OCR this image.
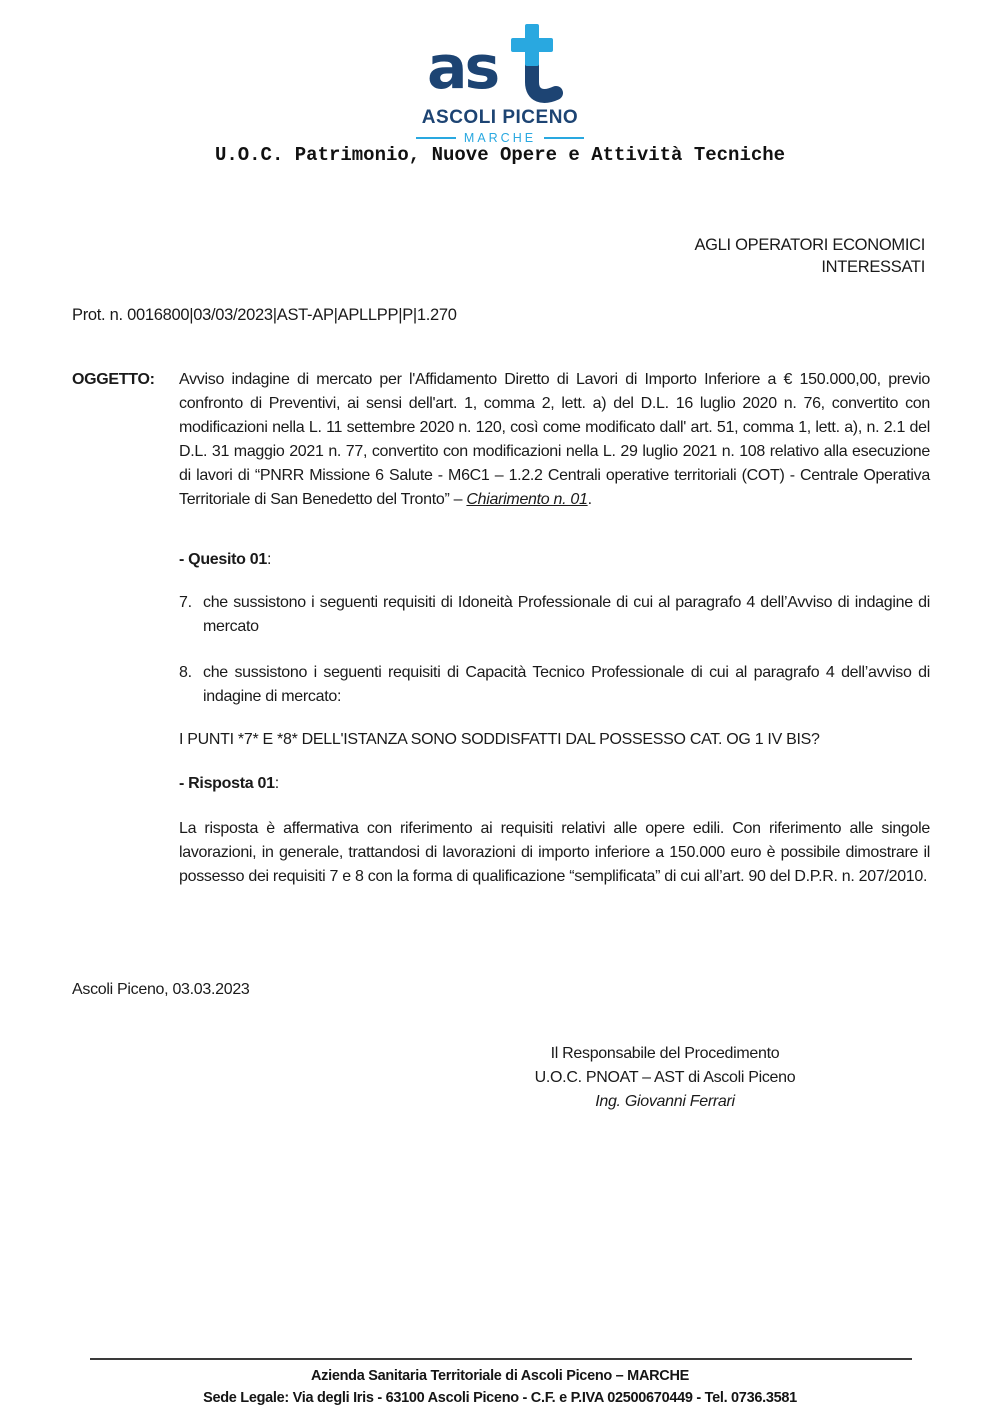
as
ASCOLI PICENO
MARCHE
U.O.C. Patrimonio, Nuove Opere e Attività Tecniche
AGLI OPERATORI ECONOMICI
INTERESSATI
Prot. n. 0016800|03/03/2023|AST-AP|APLLPP|P|1.270
OGGETTO: Avviso indagine di mercato per l'Affidamento Diretto di Lavori di Importo Inferiore a € 150.000,00, previo confronto di Preventivi, ai sensi dell'art. 1, comma 2, lett. a) del D.L. 16 luglio 2020 n. 76, convertito con modificazioni nella L. 11 settembre 2020 n. 120, così come modificato dall' art. 51, comma 1, lett. a), n. 2.1 del D.L. 31 maggio 2021 n. 77, convertito con modificazioni nella L. 29 luglio 2021 n. 108 relativo alla esecuzione di lavori di “PNRR Missione 6 Salute - M6C1 – 1.2.2 Centrali operative territoriali (COT) - Centrale Operativa Territoriale di San Benedetto del Tronto” – Chiarimento n. 01.
- Quesito 01:
7. che sussistono i seguenti requisiti di Idoneità Professionale di cui al paragrafo 4 dell’Avviso di indagine di mercato
8. che sussistono i seguenti requisiti di Capacità Tecnico Professionale di cui al paragrafo 4 dell’avviso di indagine di mercato:
I PUNTI *7* E *8* DELL'ISTANZA SONO SODDISFATTI DAL POSSESSO CAT. OG 1 IV BIS?
- Risposta 01:
La risposta è affermativa con riferimento ai requisiti relativi alle opere edili. Con riferimento alle singole lavorazioni, in generale, trattandosi di lavorazioni di importo inferiore a 150.000 euro è possibile dimostrare il possesso dei requisiti 7 e 8 con la forma di qualificazione “semplificata” di cui all’art. 90 del D.P.R. n. 207/2010.
Ascoli Piceno, 03.03.2023
Il Responsabile del Procedimento
U.O.C. PNOAT – AST di Ascoli Piceno
Ing. Giovanni Ferrari
Azienda Sanitaria Territoriale di Ascoli Piceno – MARCHE
Sede Legale: Via degli Iris - 63100 Ascoli Piceno - C.F. e P.IVA 02500670449 - Tel. 0736.3581
